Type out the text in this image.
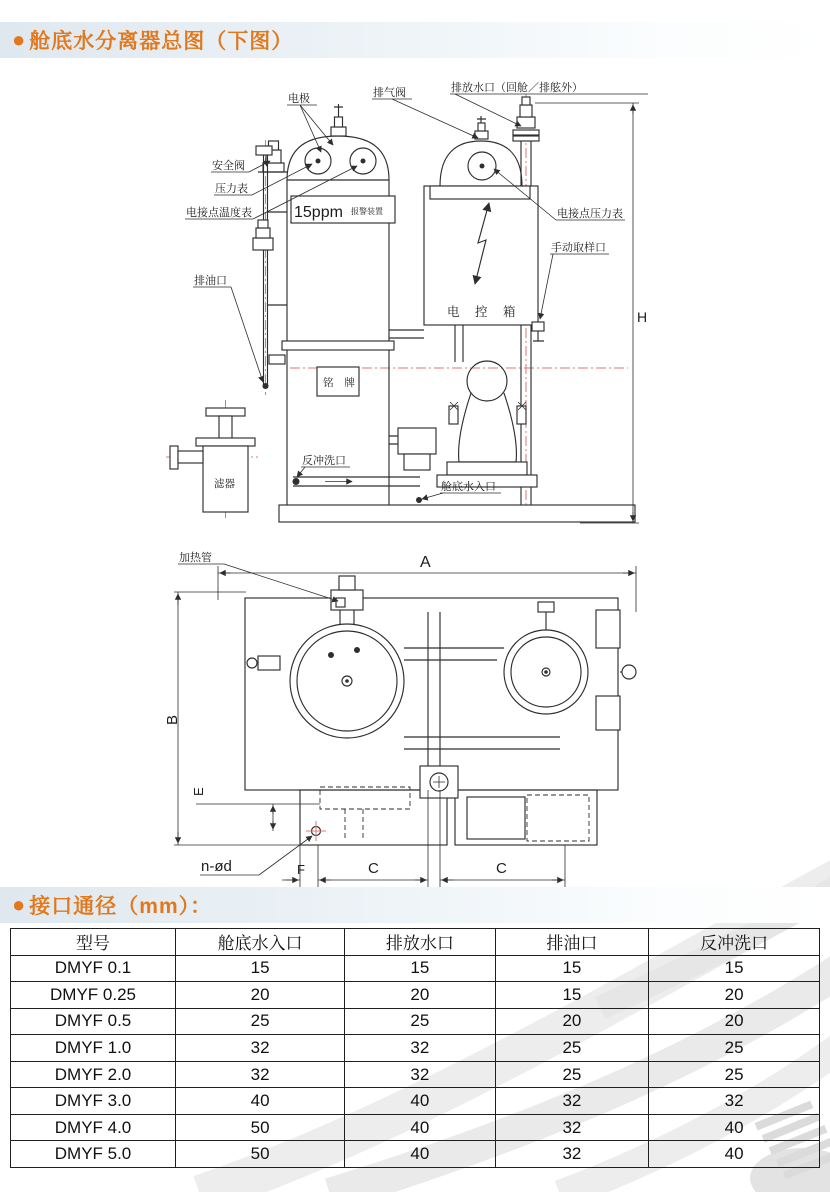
● 舱底水分离器总图（下图）
15ppm 报警装置
电 控 箱
铭 牌
滤器
H
电极	排气阀	排放水口（回舱／排舷外）
安全阀
压力表
电接点温度表
排油口
电接点压力表
手动取样口
反冲洗口
舱底水入口
加热管	A
B
E
n-ød	F	C	C
● 接口通径（mm）：
型号	舱底水入口	排放水口	排油口	反冲洗口
DMYF 0.1	15	15	15	15
DMYF 0.25	20	20	15	20
DMYF 0.5	25	25	20	20
DMYF 1.0	32	32	25	25
DMYF 2.0	32	32	25	25
DMYF 3.0	40	40	32	32
DMYF 4.0	50	40	32	40
DMYF 5.0	50	40	32	40
